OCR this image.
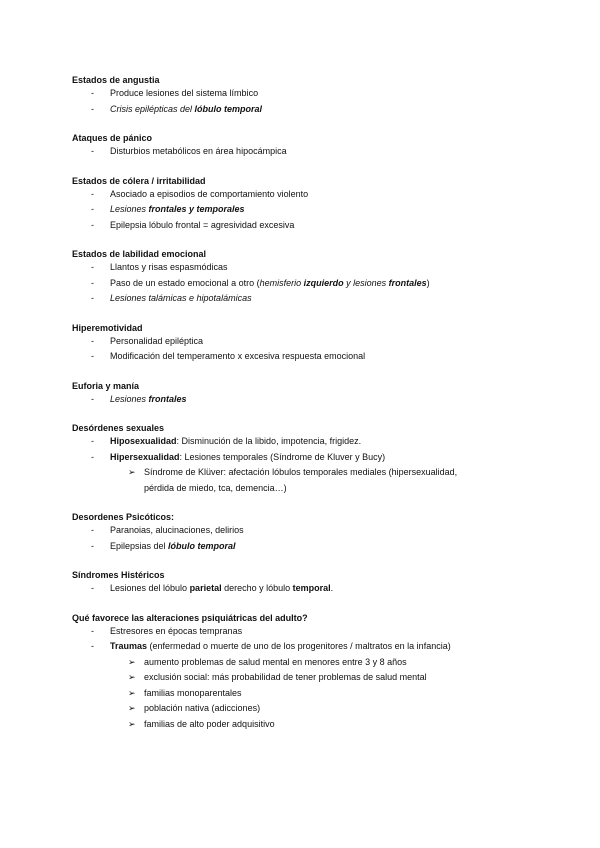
Estados de angustia
- Produce lesiones del sistema límbico
- Crisis epilépticas del lóbulo temporal
Ataques de pánico
- Disturbios metabólicos en área hipocámpica
Estados de cólera / irritabilidad
- Asociado a episodios de comportamiento violento
- Lesiones frontales y temporales
- Epilepsia lóbulo frontal = agresividad excesiva
Estados de labilidad emocional
- Llantos y risas espasmódicas
- Paso de un estado emocional a otro (hemisferio izquierdo y lesiones frontales)
- Lesiones talámicas e hipotalámicas
Hiperemotividad
- Personalidad epiléptica
- Modificación del temperamento x excesiva respuesta emocional
Euforia y manía
- Lesiones frontales
Desórdenes sexuales
- Hiposexualidad: Disminución de la libido, impotencia, frigidez.
- Hipersexualidad: Lesiones temporales (Síndrome de Kluver y Bucy)
➢ Síndrome de Klüver: afectación lóbulos temporales mediales (hipersexualidad,
pérdida de miedo, tca, demencia…)
Desordenes Psicóticos:
- Paranoias, alucinaciones, delirios
- Epilepsias del lóbulo temporal
Síndromes Histéricos
- Lesiones del lóbulo parietal derecho y lóbulo temporal.
Qué favorece las alteraciones psiquiátricas del adulto?
- Estresores en épocas tempranas
- Traumas (enfermedad o muerte de uno de los progenitores / maltratos en la infancia)
➢ aumento problemas de salud mental en menores entre 3 y 8 años
➢ exclusión social: más probabilidad de tener problemas de salud mental
➢ familias monoparentales
➢ población nativa (adicciones)
➢ familias de alto poder adquisitivo
